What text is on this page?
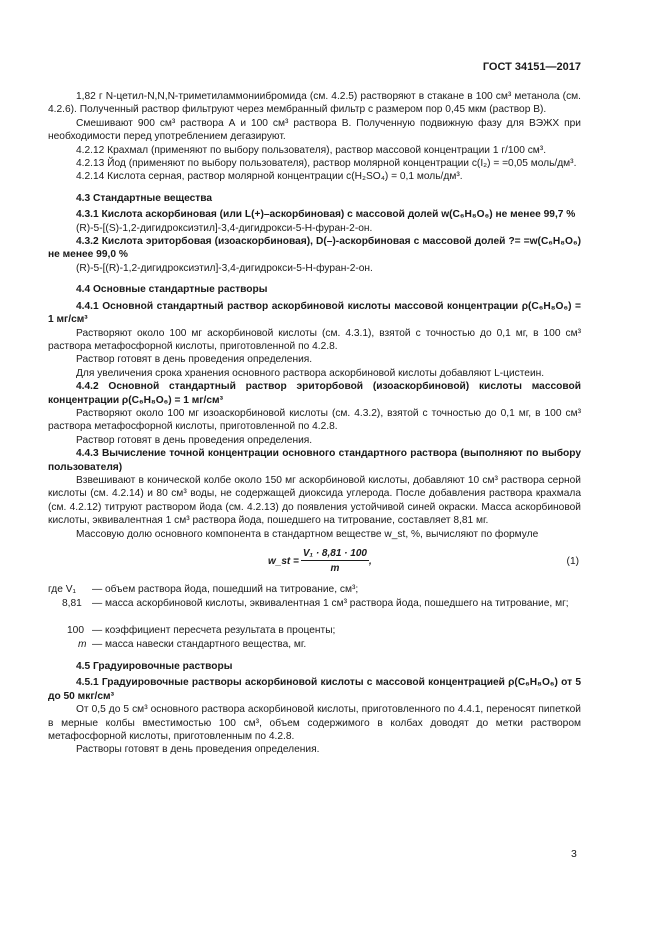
ГОСТ 34151—2017

1,82 г N-цетил-N,N,N-триметиламмониибромида (см. 4.2.5) растворяют в стакане в 100 см³ метанола (см. 4.2.6). Полученный раствор фильтруют через мембранный фильтр с размером пор 0,45 мкм (раствор В).

Смешивают 900 см³ раствора А и 100 см³ раствора В. Полученную подвижную фазу для ВЭЖХ при необходимости перед употреблением дегазируют.

4.2.12 Крахмал (применяют по выбору пользователя), раствор массовой концентрации 1 г/100 см³.

4.2.13 Йод (применяют по выбору пользователя), раствор молярной концентрации c(I₂) = =0,05 моль/дм³.

4.2.14 Кислота серная, раствор молярной концентрации c(H₂SO₄) = 0,1 моль/дм³.

4.3 Стандартные вещества

4.3.1 Кислота аскорбиновая (или L(+)–аскорбиновая) с массовой долей w(C₆H₈O₆) не менее 99,7 %

(R)-5-[(S)-1,2-дигидроксиэтил]-3,4-дигидрокси-5-Н-фуран-2-он.

4.3.2 Кислота эриторбовая (изоаскорбиновая), D(–)-аскорбиновая с массовой долей ?= =w(C₆H₈O₆) не менее 99,0 %

(R)-5-[(R)-1,2-дигидроксиэтил]-3,4-дигидрокси-5-Н-фуран-2-он.

4.4 Основные стандартные растворы

4.4.1 Основной стандартный раствор аскорбиновой кислоты массовой концентрации ρ(C₆H₈O₆) = 1 мг/см³

Растворяют около 100 мг аскорбиновой кислоты (см. 4.3.1), взятой с точностью до 0,1 мг, в 100 см³ раствора метафосфорной кислоты, приготовленной по 4.2.8.

Раствор готовят в день проведения определения.

Для увеличения срока хранения основного раствора аскорбиновой кислоты добавляют L-цистеин.

4.4.2 Основной стандартный раствор эриторбовой (изоаскорбиновой) кислоты массовой концентрации ρ(C₆H₈O₆) = 1 мг/см³

Растворяют около 100 мг изоаскорбиновой кислоты (см. 4.3.2), взятой с точностью до 0,1 мг, в 100 см³ раствора метафосфорной кислоты, приготовленной по 4.2.8.

Раствор готовят в день проведения определения.

4.4.3 Вычисление точной концентрации основного стандартного раствора (выполняют по выбору пользователя)

Взвешивают в конической колбе около 150 мг аскорбиновой кислоты, добавляют 10 см³ раствора серной кислоты (см. 4.2.14) и 80 см³ воды, не содержащей диоксида углерода. После добавления раствора крахмала (см. 4.2.12) титруют раствором йода (см. 4.2.13) до появления устойчивой синей окраски. Масса аскорбиновой кислоты, эквивалентная 1 см³ раствора йода, пошедшего на титрование, составляет 8,81 мг.

Массовую долю основного компонента в стандартном веществе w_st, %, вычисляют по формуле

w_st = $\frac{\text{V₁ · 8,81 · 100}}{m}$ ,	(1)
где V₁ — объем раствора йода, пошедший на титрование, см³;
8,81 — масса аскорбиновой кислоты, эквивалентная 1 см³ раствора йода, пошедшего на титрование, мг;
100 — коэффициент пересчета результата в проценты;
m — масса навески стандартного вещества, мг.

4.5 Градуировочные растворы

4.5.1 Градуировочные растворы аскорбиновой кислоты с массовой концентрацией ρ(C₆H₈O₆) от 5 до 50 мкг/см³

От 0,5 до 5 см³ основного раствора аскорбиновой кислоты, приготовленного по 4.4.1, переносят пипеткой в мерные колбы вместимостью 100 см³, объем содержимого в колбах доводят до метки раствором метафосфорной кислоты, приготовленным по 4.2.8.

Растворы готовят в день проведения определения.

3
